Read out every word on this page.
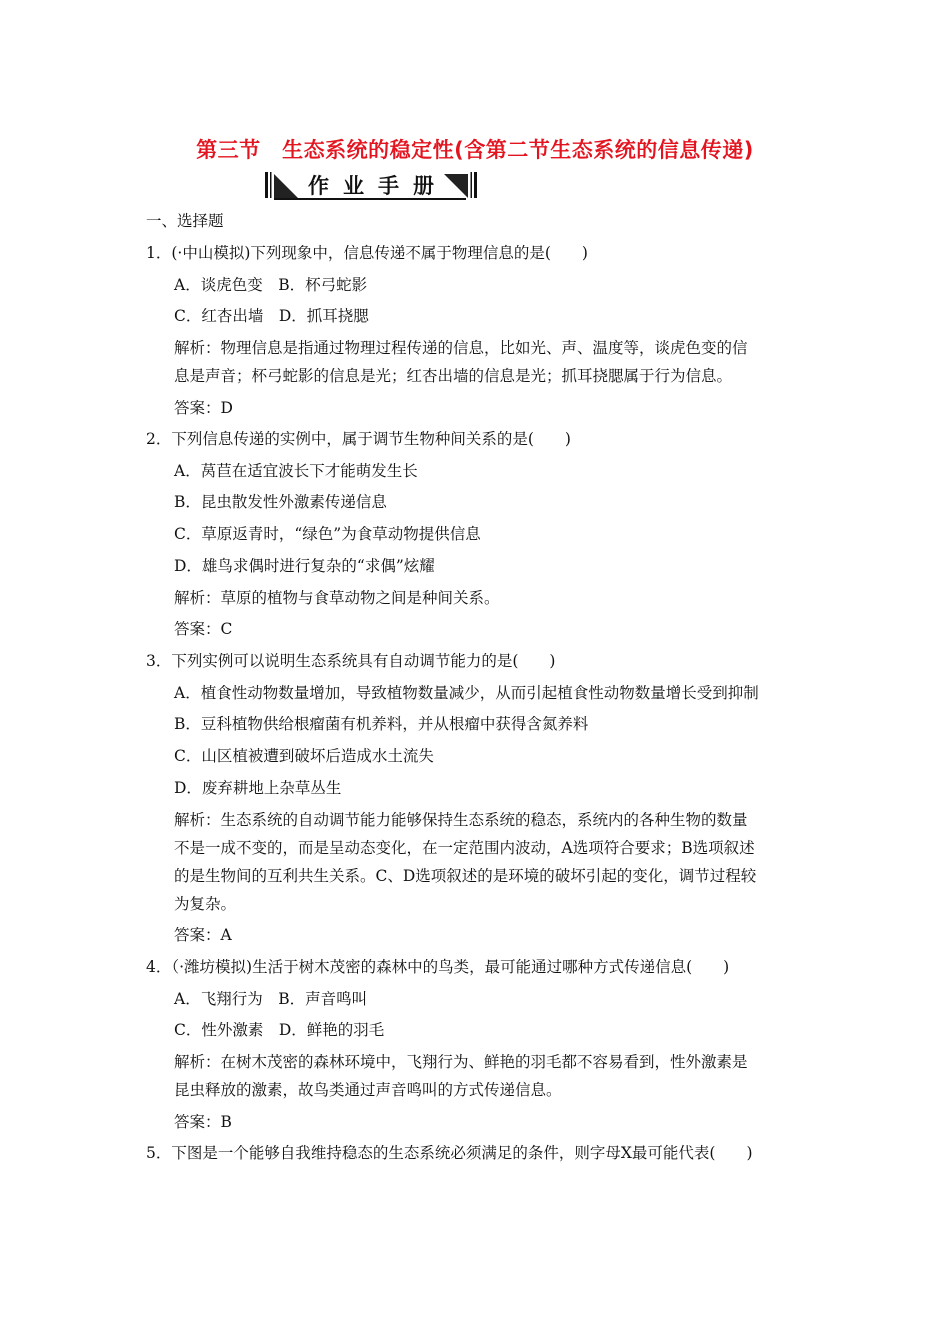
第三节　生态系统的稳定性(含第二节生态系统的信息传递)
作业手册
一、选择题
1．(·中山模拟)下列现象中，信息传递不属于物理信息的是(　　)
A．谈虎色变　B．杯弓蛇影
C．红杏出墙　D．抓耳挠腮
解析：物理信息是指通过物理过程传递的信息，比如光、声、温度等，谈虎色变的信
息是声音；杯弓蛇影的信息是光；红杏出墙的信息是光；抓耳挠腮属于行为信息。
答案：D
2．下列信息传递的实例中，属于调节生物种间关系的是(　　)
A．莴苣在适宜波长下才能萌发生长
B．昆虫散发性外激素传递信息
C．草原返青时，“绿色”为食草动物提供信息
D．雄鸟求偶时进行复杂的“求偶”炫耀
解析：草原的植物与食草动物之间是种间关系。
答案：C
3．下列实例可以说明生态系统具有自动调节能力的是(　　)
A．植食性动物数量增加，导致植物数量减少，从而引起植食性动物数量增长受到抑制
B．豆科植物供给根瘤菌有机养料，并从根瘤中获得含氮养料
C．山区植被遭到破坏后造成水土流失
D．废弃耕地上杂草丛生
解析：生态系统的自动调节能力能够保持生态系统的稳态，系统内的各种生物的数量
不是一成不变的，而是呈动态变化，在一定范围内波动，A选项符合要求；B选项叙述
的是生物间的互利共生关系。C、D选项叙述的是环境的破坏引起的变化，调节过程较
为复杂。
答案：A
4．（·潍坊模拟)生活于树木茂密的森林中的鸟类，最可能通过哪种方式传递信息(　　)
A．飞翔行为　B．声音鸣叫
C．性外激素　D．鲜艳的羽毛
解析：在树木茂密的森林环境中，飞翔行为、鲜艳的羽毛都不容易看到，性外激素是
昆虫释放的激素，故鸟类通过声音鸣叫的方式传递信息。
答案：B
5．下图是一个能够自我维持稳态的生态系统必须满足的条件，则字母X最可能代表(　　)
